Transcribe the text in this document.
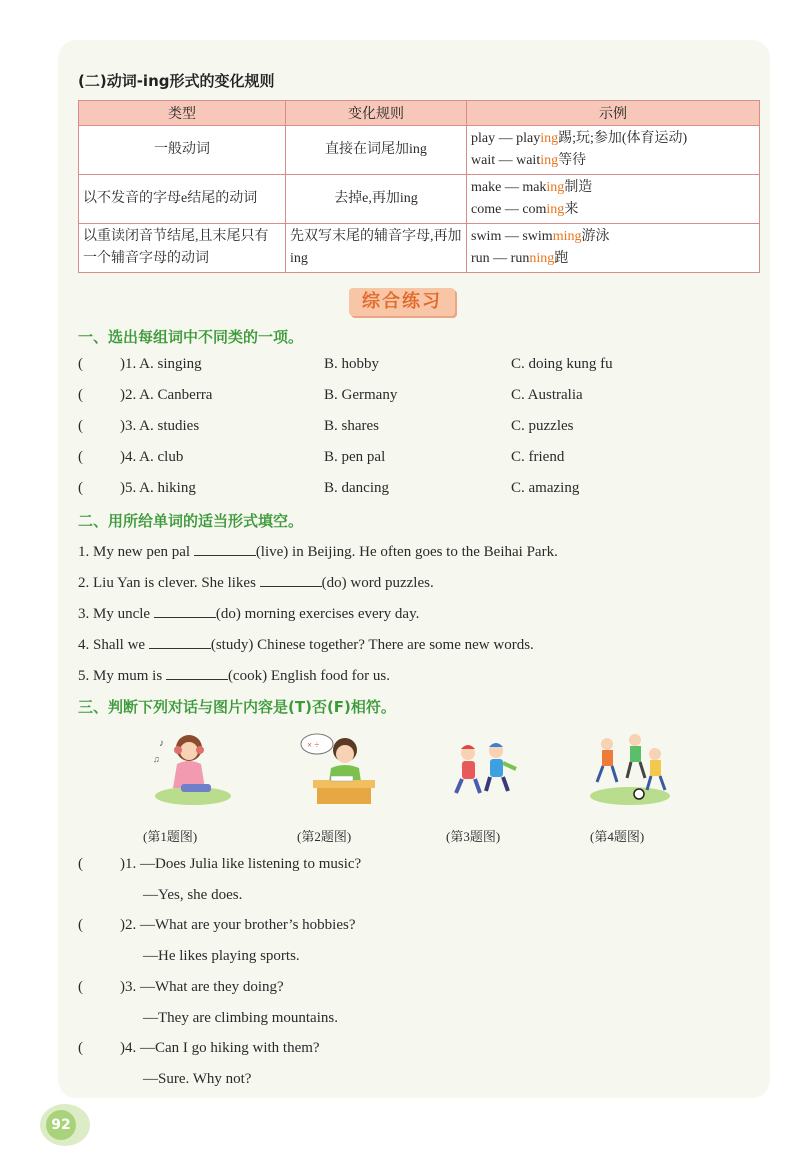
(二)动词-ing形式的变化规则
类型	变化规则	示例
一般动词	直接在词尾加ing	play — playing踢;玩;参加(体育运动)
wait — waiting等待

以不发音的字母e结尾的动词	去掉e,再加ing	make — making制造
come — coming来

以重读闭音节结尾,且末尾只有一个辅音字母的动词	先双写末尾的辅音字母,再加ing	swim — swimming游泳
run — running跑
综合练习
一、选出每组词中不同类的一项。
( )1. A. singing	B. hobby	C. doing kung fu
( )2. A. Canberra	B. Germany	C. Australia
( )3. A. studies	B. shares	C. puzzles
( )4. A. club	B. pen pal	C. friend
( )5. A. hiking	B. dancing	C. amazing
二、用所给单词的适当形式填空。
1. My new pen pal	(live) in Beijing. He often goes to the Beihai Park.
2. Liu Yan is clever. She likes	(do) word puzzles.
3. My uncle	(do) morning exercises every day.
4. Shall we	(study) Chinese together? There are some new words.
5. My mum is	(cook) English food for us.
三、判断下列对话与图片内容是(T)否(F)相符。
♪
♫
× ÷
(第1题图)	(第2题图)	(第3题图)	(第4题图)
( )1. —Does Julia like listening to music?
—Yes, she does.
( )2. —What are your brother’s hobbies?
—He likes playing sports.
( )3. —What are they doing?
—They are climbing mountains.
( )4. —Can I go hiking with them?
—Sure. Why not?
92
